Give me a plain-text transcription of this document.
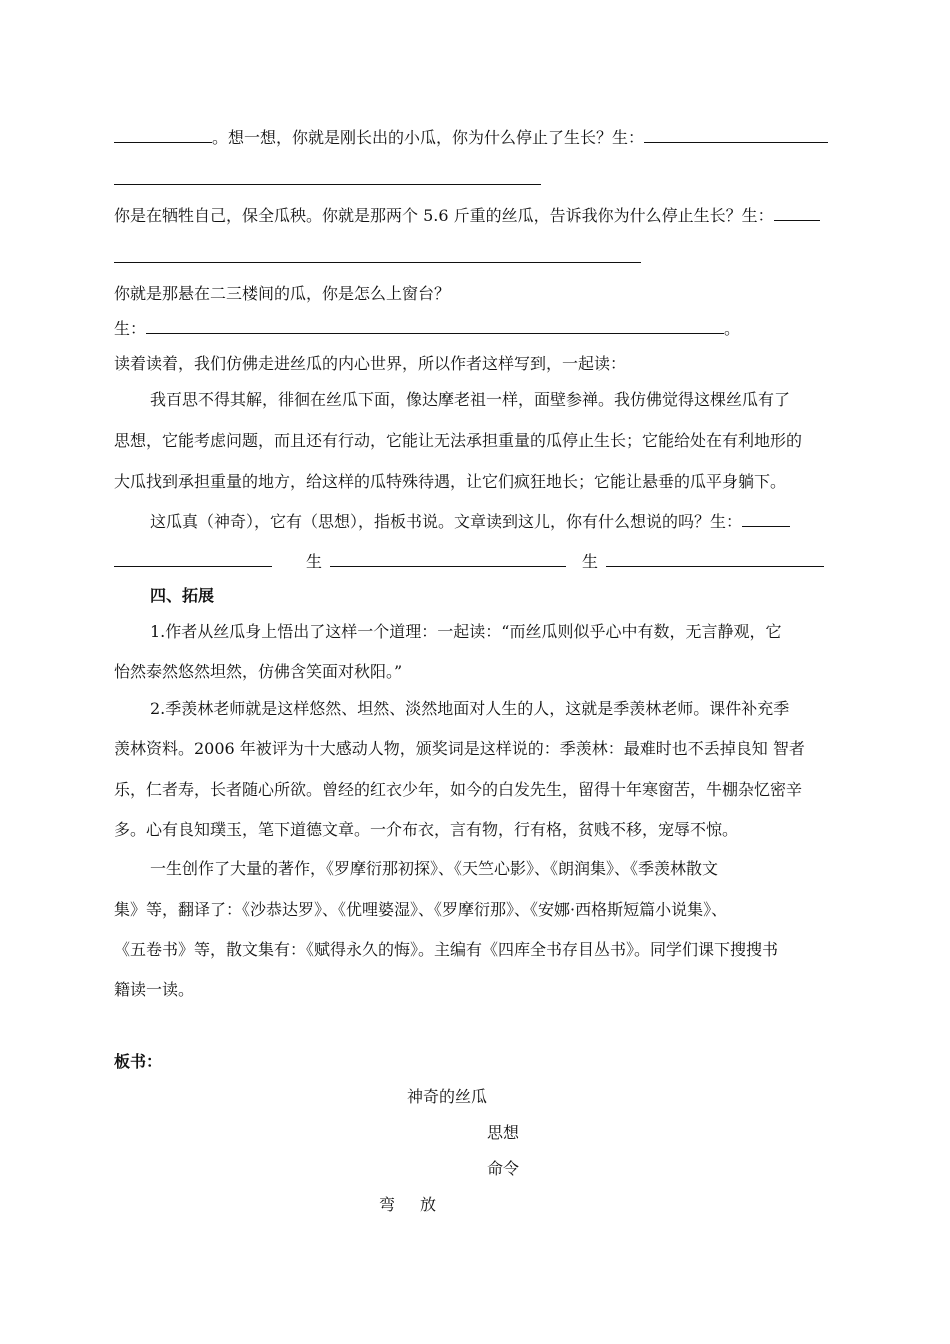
。想一想，你就是刚长出的小瓜，你为什么停止了生长？生：
你是在牺牲自己，保全瓜秧。你就是那两个 5.6 斤重的丝瓜，告诉我你为什么停止生长？生：
你就是那悬在二三楼间的瓜，你是怎么上窗台？
生：	。
读着读着，我们仿佛走进丝瓜的内心世界，所以作者这样写到，一起读：
我百思不得其解，徘徊在丝瓜下面，像达摩老祖一样，面壁参禅。我仿佛觉得这棵丝瓜有了
思想，它能考虑问题，而且还有行动，它能让无法承担重量的瓜停止生长；它能给处在有利地形的
大瓜找到承担重量的地方，给这样的瓜特殊待遇，让它们疯狂地长；它能让悬垂的瓜平身躺下。
这瓜真（神奇），它有（思想），指板书说。文章读到这儿，你有什么想说的吗？生：
生	生
四、拓展
1.作者从丝瓜身上悟出了这样一个道理：一起读：“而丝瓜则似乎心中有数，无言静观，它
怡然泰然悠然坦然，仿佛含笑面对秋阳。”
2.季羡林老师就是这样悠然、坦然、淡然地面对人生的人，这就是季羡林老师。课件补充季
羡林资料。2006 年被评为十大感动人物，颁奖词是这样说的：季羡林：最难时也不丢掉良知 智者
乐，仁者寿，长者随心所欲。曾经的红衣少年，如今的白发先生，留得十年寒窗苦，牛棚杂忆密辛
多。心有良知璞玉，笔下道德文章。一介布衣，言有物，行有格，贫贱不移，宠辱不惊。
一生创作了大量的著作，《罗摩衍那初探》、《天竺心影》、《朗润集》、《季羡林散文
集》等，翻译了：《沙恭达罗》、《优哩婆湿》、《罗摩衍那》、《安娜·西格斯短篇小说集》、
《五卷书》等，散文集有：《赋得永久的悔》。主编有《四库全书存目丛书》。同学们课下搜搜书
籍读一读。
板书：
神奇的丝瓜
思想
命令
弯 放
